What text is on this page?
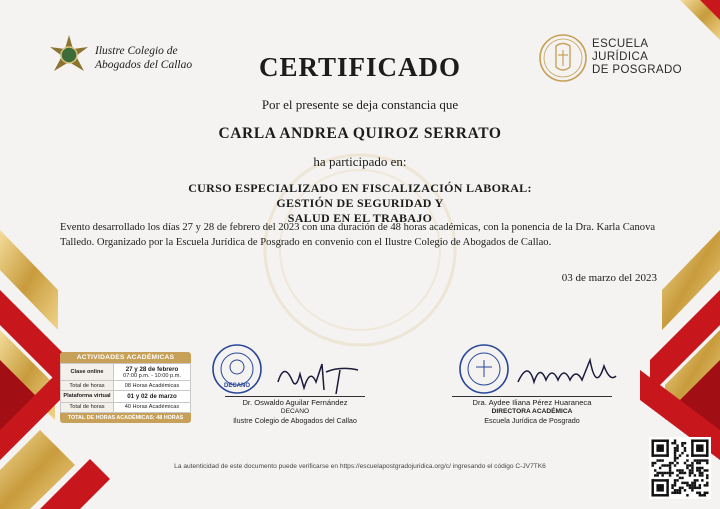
Ilustre Colegio de
Abogados del Callao
ESCUELA
JURÍDICA
DE POSGRADO
CERTIFICADO
Por el presente se deja constancia que
CARLA ANDREA QUIROZ SERRATO
ha participado en:
CURSO ESPECIALIZADO EN FISCALIZACIÓN LABORAL: GESTIÓN DE SEGURIDAD Y
SALUD EN EL TRABAJO
Evento desarrollado los días 27 y 28 de febrero del 2023 con una duración de 48 horas académicas, con la ponencia de la Dra. Karla Canova Talledo. Organizado por la Escuela Jurídica de Posgrado en convenio con el Ilustre Colegio de Abogados de Callao.
03 de marzo del 2023
ACTIVIDADES ACADÉMICAS
Clase online	27 y 28 de febrero
07:00 p.m. - 10:00 p.m.

Total de horas	08 Horas Académicas
Plataforma virtual	01 y 02 de marzo
Total de horas	40 Horas Académicas
TOTAL DE HORAS ACADÉMICAS: 48 HORAS
DECANO
Dr. Oswaldo Aguilar Fernández
DECANO
Ilustre Colegio de Abogados del Callao
Dra. Aydee Iliana Pérez Huaraneca
DIRECTORA ACADÉMICA
Escuela Jurídica de Posgrado
La autenticidad de este documento puede verificarse en https://escuelapostgradojuridica.org/c/ ingresando el código C-JV7TK6
